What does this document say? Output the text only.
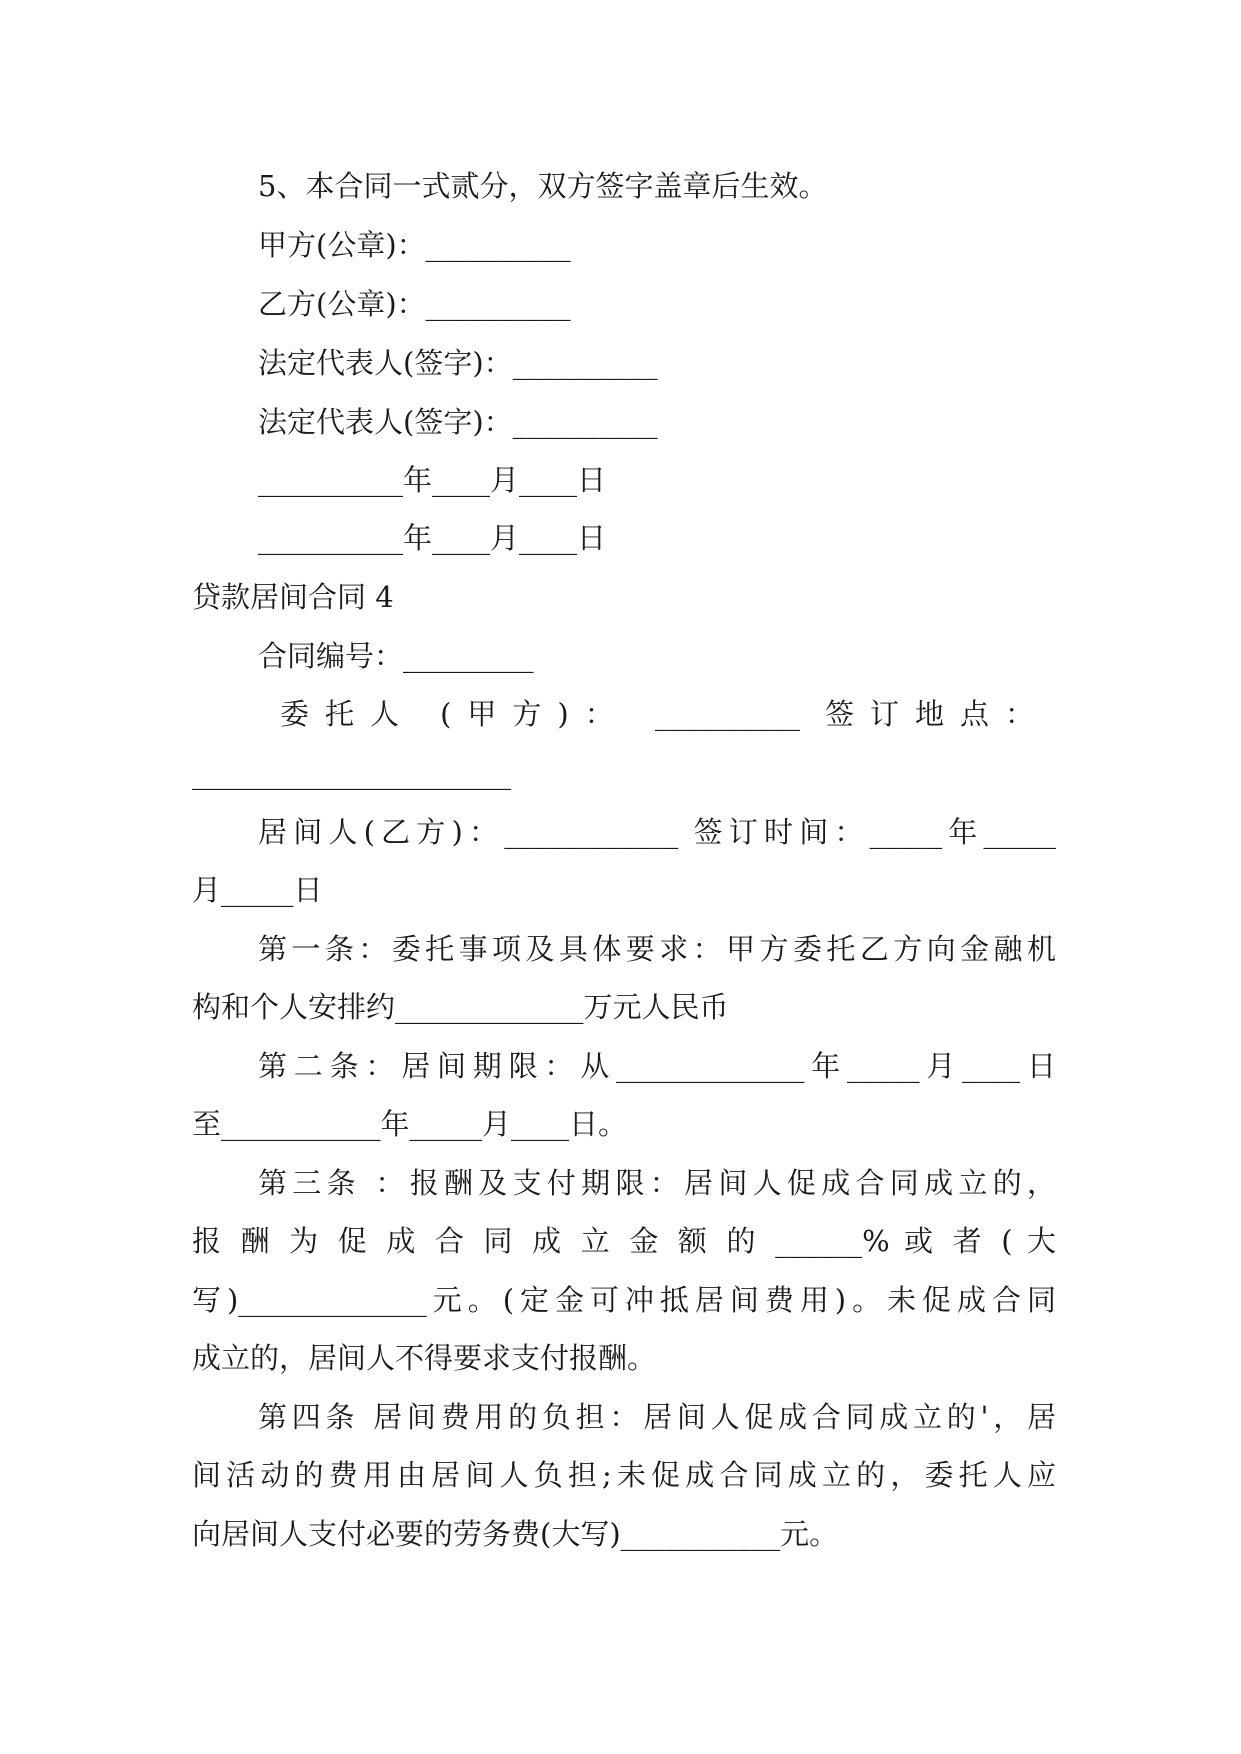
5、本合同一式贰分，双方签字盖章后生效。
甲方(公章)：__________
乙方(公章)：__________
法定代表人(签字)：__________
法定代表人(签字)：__________
__________年____月____日
__________年____月____日
贷款居间合同 4
合同编号：_________
委托人 (甲方)： __________ 签订地点：
______________________
居间人(乙方)：____________ 签订时间：_____年_____
月_____日
第一条：委托事项及具体要求：甲方委托乙方向金融机
构和个人安排约_____________万元人民币
第二条：居间期限：从_____________年_____月____日
至___________年_____月____日。
第三条 ：报酬及支付期限：居间人促成合同成立的，
报 酬 为 促 成 合 同 成 立 金 额 的 ______% 或 者 ( 大
写)_____________元。(定金可冲抵居间费用)。未促成合同
成立的，居间人不得要求支付报酬。
第四条 居间费用的负担：居间人促成合同成立的'，居
间活动的费用由居间人负担;未促成合同成立的，委托人应
向居间人支付必要的劳务费(大写)___________元。
